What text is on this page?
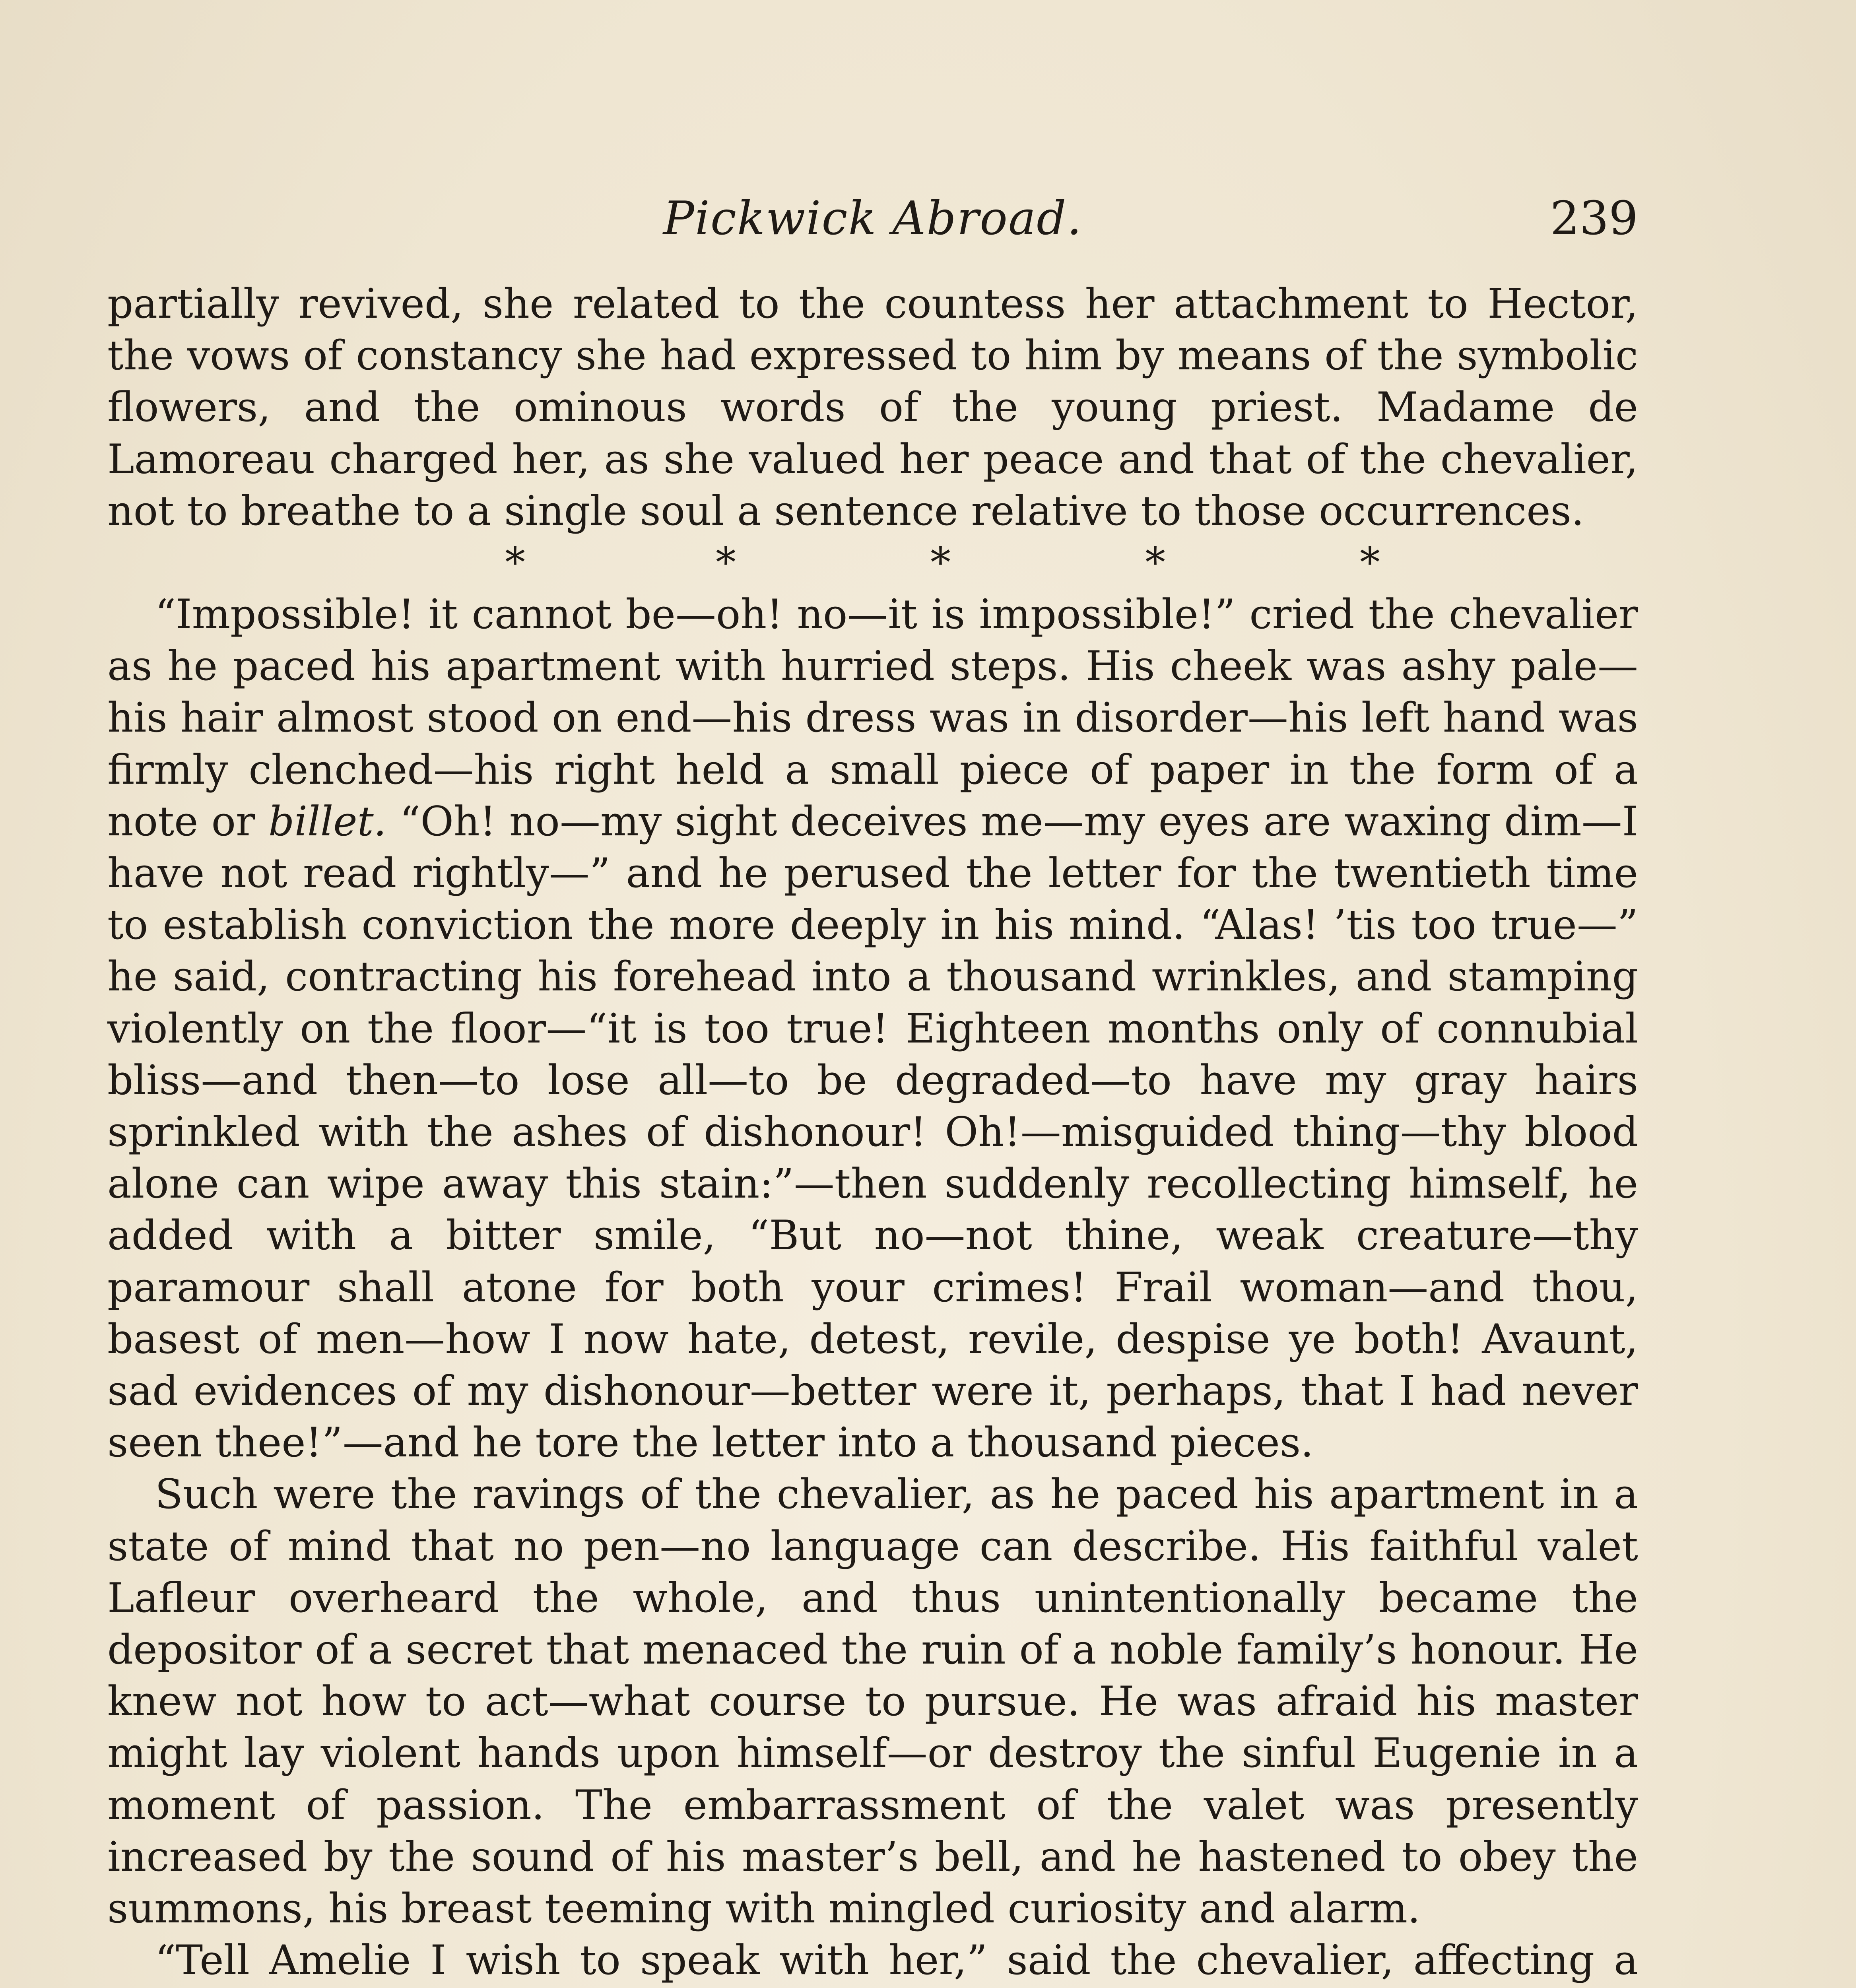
Pickwick Abroad.	239

partially revived, she related to the countess her attachment to Hector, the vows of constancy she had expressed to him by means of the symbolic flowers, and the ominous words of the young priest. Madame de Lamoreau charged her, as she valued her peace and that of the chevalier, not to breathe to a single soul a sentence relative to those occurrences.

*	*	*	*	*

“Impossible! it cannot be—oh! no—it is impossible!” cried the chevalier as he paced his apartment with hurried steps. His cheek was ashy pale—his hair almost stood on end—his dress was in disorder—his left hand was firmly clenched—his right held a small piece of paper in the form of a note or billet. “Oh! no—my sight deceives me—my eyes are waxing dim—I have not read rightly—” and he perused the letter for the twentieth time to establish conviction the more deeply in his mind. “Alas! ’tis too true—” he said, contracting his forehead into a thousand wrinkles, and stamping violently on the floor—“it is too true! Eighteen months only of connubial bliss—and then—to lose all—to be degraded—to have my gray hairs sprinkled with the ashes of dishonour! Oh!—misguided thing—thy blood alone can wipe away this stain:”—then suddenly recollecting himself, he added with a bitter smile, “But no—not thine, weak creature—thy paramour shall atone for both your crimes! Frail woman—and thou, basest of men—how I now hate, detest, revile, despise ye both! Avaunt, sad evidences of my dishonour—better were it, perhaps, that I had never seen thee!”—and he tore the letter into a thousand pieces.

Such were the ravings of the chevalier, as he paced his apartment in a state of mind that no pen—no language can describe. His faithful valet Lafleur overheard the whole, and thus unintentionally became the depositor of a secret that menaced the ruin of a noble family’s honour. He knew not how to act—what course to pursue. He was afraid his master might lay violent hands upon himself—or destroy the sinful Eugenie in a moment of passion. The embarrassment of the valet was presently increased by the sound of his master’s bell, and he hastened to obey the summons, his breast teeming with mingled curiosity and alarm.

“Tell Amelie I wish to speak with her,” said the chevalier, affecting a
